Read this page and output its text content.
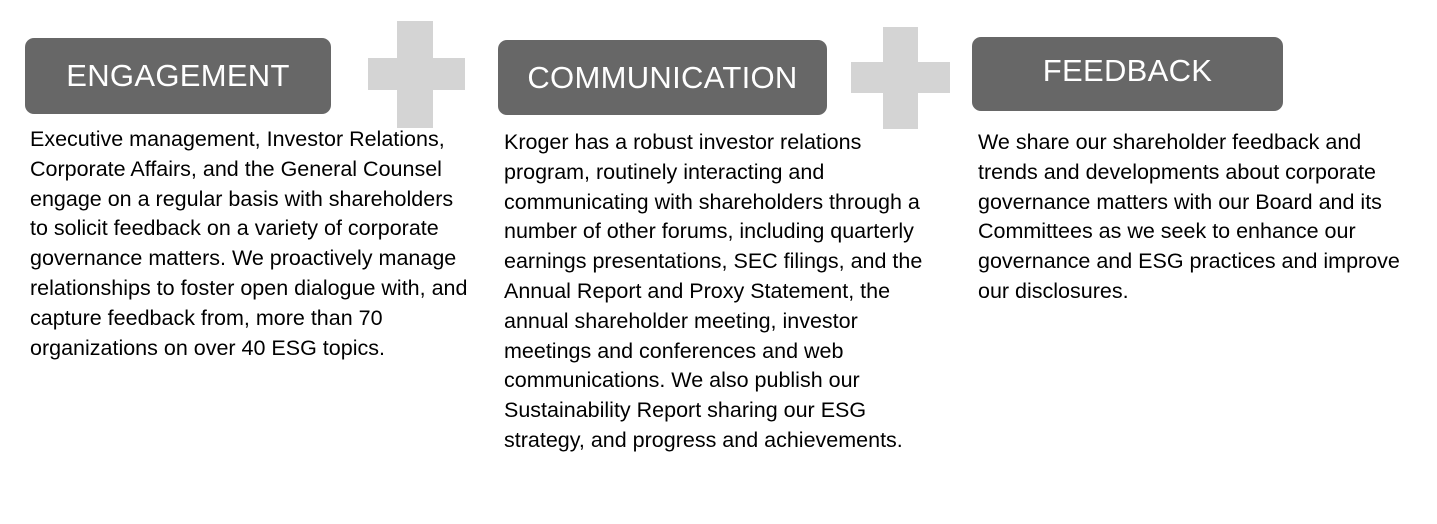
ENGAGEMENT	COMMUNICATION	FEEDBACK

Executive management, Investor Relations, Corporate Affairs, and the General Counsel engage on a regular basis with shareholders to solicit feedback on a variety of corporate governance matters. We proactively manage relationships to foster open dialogue with, and capture feedback from, more than 70 organizations on over 40 ESG topics.

Kroger has a robust investor relations program, routinely interacting and communicating with shareholders through a number of other forums, including quarterly earnings presentations, SEC filings, and the Annual Report and Proxy Statement, the annual shareholder meeting, investor meetings and conferences and web communications. We also publish our Sustainability Report sharing our ESG strategy, and progress and achievements.

We share our shareholder feedback and trends and developments about corporate governance matters with our Board and its Committees as we seek to enhance our governance and ESG practices and improve our disclosures.
